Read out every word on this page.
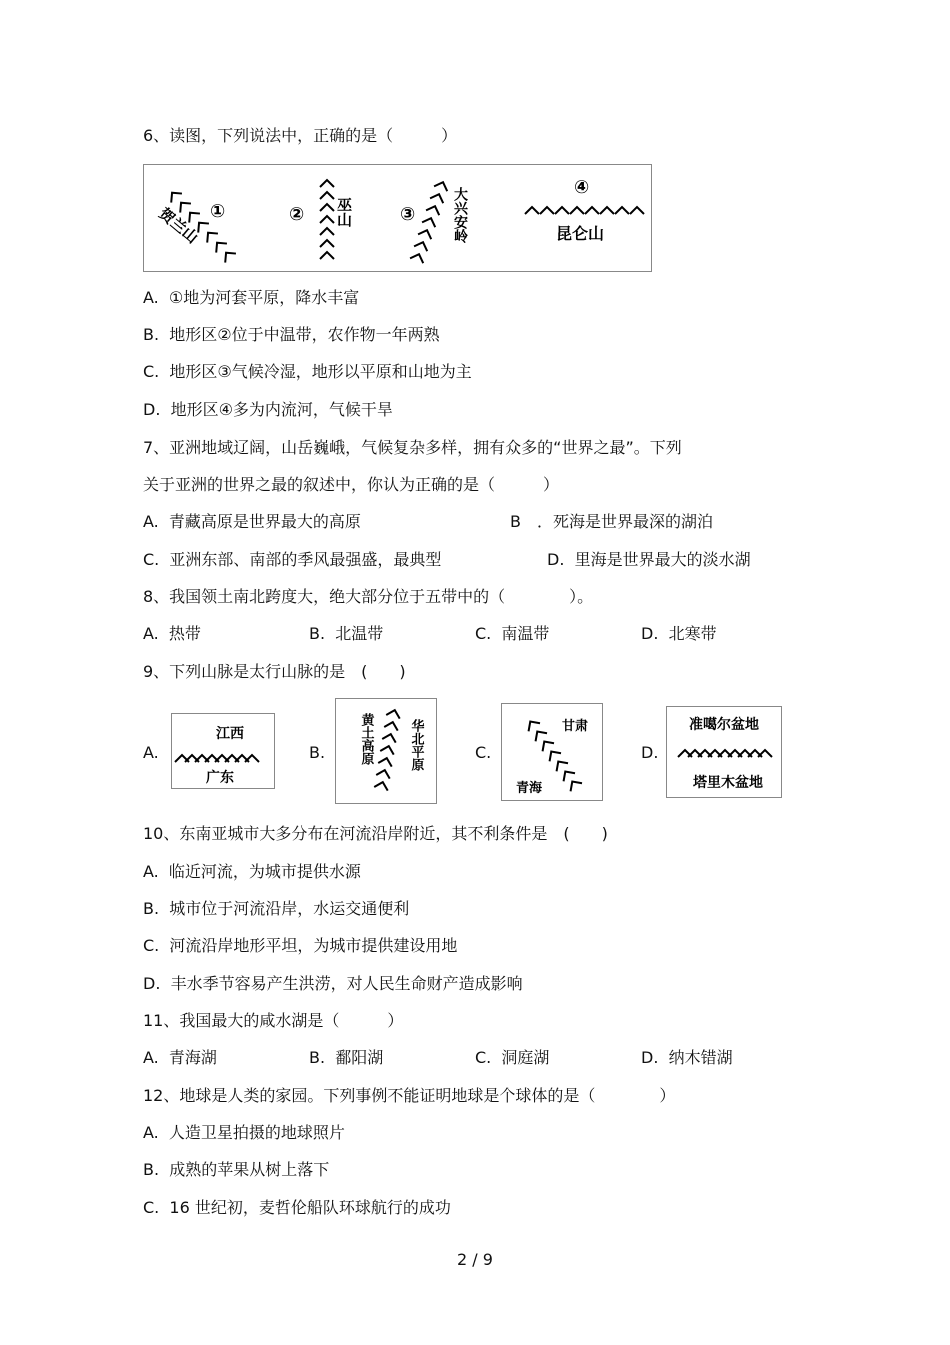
6、读图，下列说法中，正确的是（　　　）
①
贺兰山	② 巫山	③	大兴安岭	④
昆仑山
A.  ①地为河套平原，降水丰富
B.  地形区②位于中温带，农作物一年两熟
C.  地形区③气候冷湿，地形以平原和山地为主
D.  地形区④多为内流河，气候干旱
7、亚洲地域辽阔，山岳巍峨，气候复杂多样，拥有众多的“世界之最”。下列
关于亚洲的世界之最的叙述中，你认为正确的是（　　　）
A.  青藏高原是世界最大的高原	B　．死海是世界最深的湖泊
C.  亚洲东部、南部的季风最强盛，最典型	D.  里海是世界最大的淡水湖
8、我国领土南北跨度大，绝大部分位于五带中的（　　　　）。
A.  热带	B.  北温带	C.  南温带	D.  北寒带
9、下列山脉是太行山脉的是　(　　)
A.
江西
广东
B.	黄土高原	华北平原	C.
甘肃
青海
D.
准噶尔盆地
塔里木盆地
10、东南亚城市大多分布在河流沿岸附近，其不利条件是　(　　)
A.  临近河流，为城市提供水源
B.  城市位于河流沿岸，水运交通便利
C.  河流沿岸地形平坦，为城市提供建设用地
D.  丰水季节容易产生洪涝，对人民生命财产造成影响
11、我国最大的咸水湖是（　　　）
A.  青海湖	B.  鄱阳湖	C.  洞庭湖	D.  纳木错湖
12、地球是人类的家园。下列事例不能证明地球是个球体的是（　　　　）
A.  人造卫星拍摄的地球照片
B.  成熟的苹果从树上落下
C.  16 世纪初，麦哲伦船队环球航行的成功
2 / 9
